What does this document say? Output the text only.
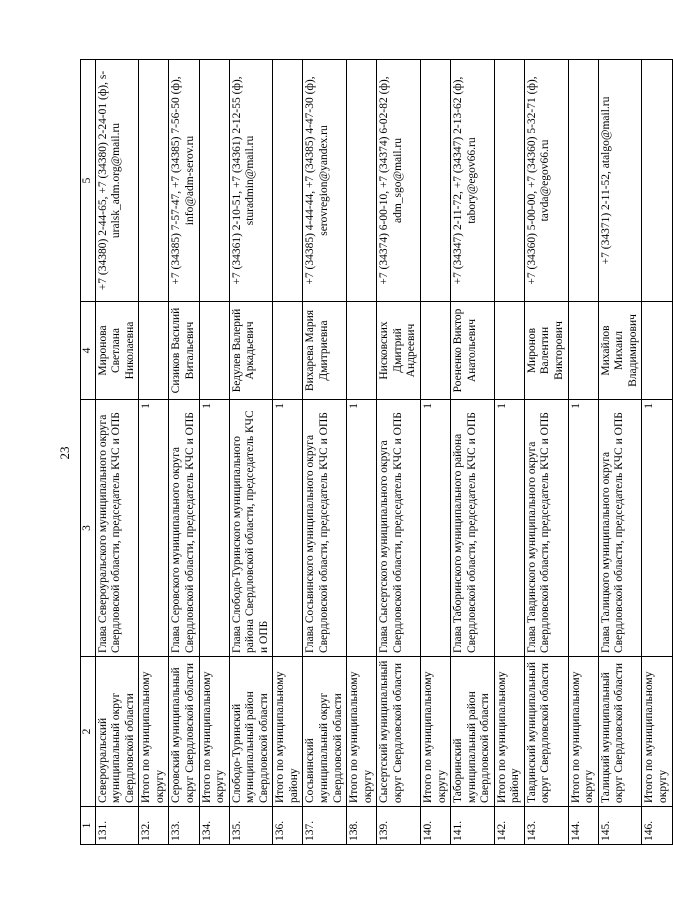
23
1	2	3	4	5
131.	Североуральский муниципальный округ Свердловской области	Глава Североуральского муниципального округа Свердловской области, председатель КЧС и ОПБ	Миронова Светлана Николаевна	+7 (34380) 2-44-65, +7 (34380) 2-24-01 (ф), s-uralsk_adm.org@mail.ru
132.	Итого по муниципальному округу	1		
133.	Серовский муниципальный округ Свердловской области	Глава Серовского муниципального округа Свердловской области, председатель КЧС и ОПБ	Сизиков Василий Витальевич	+7 (34385) 7-57-47, +7 (34385) 7-56-50 (ф), info@adm-serov.ru
134.	Итого по муниципальному округу	1		
135.	Слободо-Туринский муниципальный район Свердловской области	Глава Слободо-Туринского муниципального района Свердловской области, председатель КЧС и ОПБ	Бедулев Валерий Аркадьевич	+7 (34361) 2-10-51, +7 (34361) 2-12-55 (ф), sturadmin@mail.ru
136.	Итого по муниципальному району	1		
137.	Сосьвинский муниципальный округ Свердловской области	Глава Сосьвинского муниципального округа Свердловской области, председатель КЧС и ОПБ	Вихарева Мария Дмитриевна	+7 (34385) 4-44-44, +7 (34385) 4-47-30 (ф), serovregion@yandex.ru
138.	Итого по муниципальному округу	1		
139.	Сысертский муниципальный округ Свердловской области	Глава Сысертского муниципального округа Свердловской области, председатель КЧС и ОПБ	Нисковских Дмитрий Андреевич	+7 (34374) 6-00-10, +7 (34374) 6-02-82 (ф), adm_sgo@mail.ru
140.	Итого по муниципальному округу	1		
141.	Таборинский муниципальный район Свердловской области	Глава Таборинского муниципального района Свердловской области, председатель КЧС и ОПБ	Роененко Виктор Анатольевич	+7 (34347) 2-11-72, +7 (34347) 2-13-62 (ф), tabory@egov66.ru
142.	Итого по муниципальному району	1		
143.	Тавдинский муниципальный округ Свердловской области	Глава Тавдинского муниципального округа Свердловской области, председатель КЧС и ОПБ	Миронов Валентин Викторович	+7 (34360) 5-00-00, +7 (34360) 5-32-71 (ф), tavda@egov66.ru
144.	Итого по муниципальному округу	1		
145.	Талицкий муниципальный округ Свердловской области	Глава Талицкого муниципального округа Свердловской области, председатель КЧС и ОПБ	Михайлов Михаил Владимирович	+7 (34371) 2-11-52, atalgo@mail.ru
146.	Итого по муниципальному округу	1		
